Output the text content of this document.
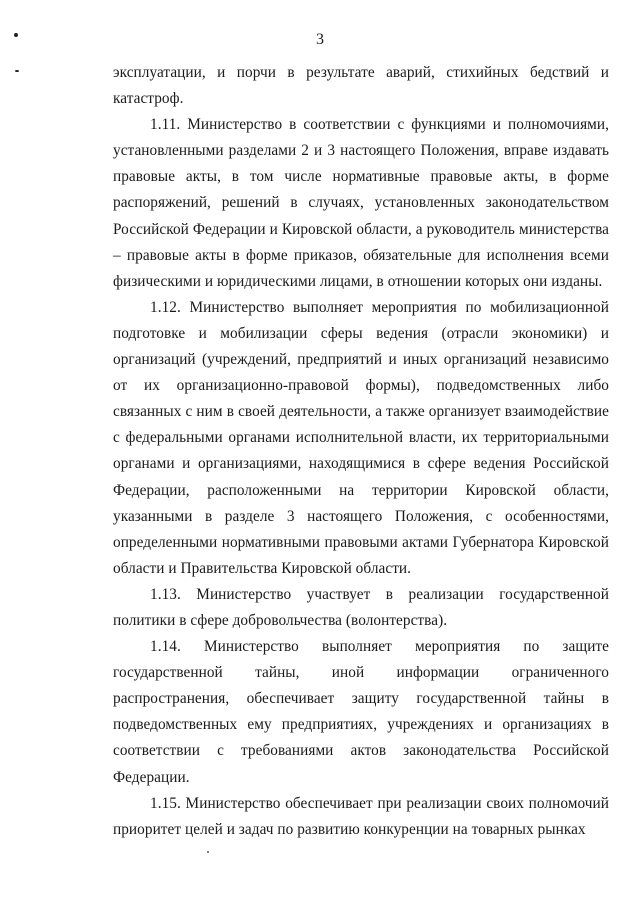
3

эксплуатации, и порчи в результате аварий, стихийных бедствий и катастроф.

1.11. Министерство в соответствии с функциями и полномочиями, установленными разделами 2 и 3 настоящего Положения, вправе издавать правовые акты, в том числе нормативные правовые акты, в форме распоряжений, решений в случаях, установленных законодательством Российской Федерации и Кировской области, а руководитель министерства – правовые акты в форме приказов, обязательные для исполнения всеми физическими и юридическими лицами, в отношении которых они изданы.

1.12. Министерство выполняет мероприятия по мобилизационной подготовке и мобилизации сферы ведения (отрасли экономики) и организаций (учреждений, предприятий и иных организаций независимо от их организационно-правовой формы), подведомственных либо связанных с ним в своей деятельности, а также организует взаимодействие с федеральными органами исполнительной власти, их территориальными органами и организациями, находящимися в сфере ведения Российской Федерации, расположенными на территории Кировской области, указанными в разделе 3 настоящего Положения, с особенностями, определенными нормативными правовыми актами Губернатора Кировской области и Правительства Кировской области.

1.13. Министерство участвует в реализации государственной политики в сфере добровольчества (волонтерства).

1.14. Министерство выполняет мероприятия по защите государственной тайны, иной информации ограниченного распространения, обеспечивает защиту государственной тайны в подведомственных ему предприятиях, учреждениях и организациях в соответствии с требованиями актов законодательства Российской Федерации.

1.15. Министерство обеспечивает при реализации своих полномочий приоритет целей и задач по развитию конкуренции на товарных рынках
